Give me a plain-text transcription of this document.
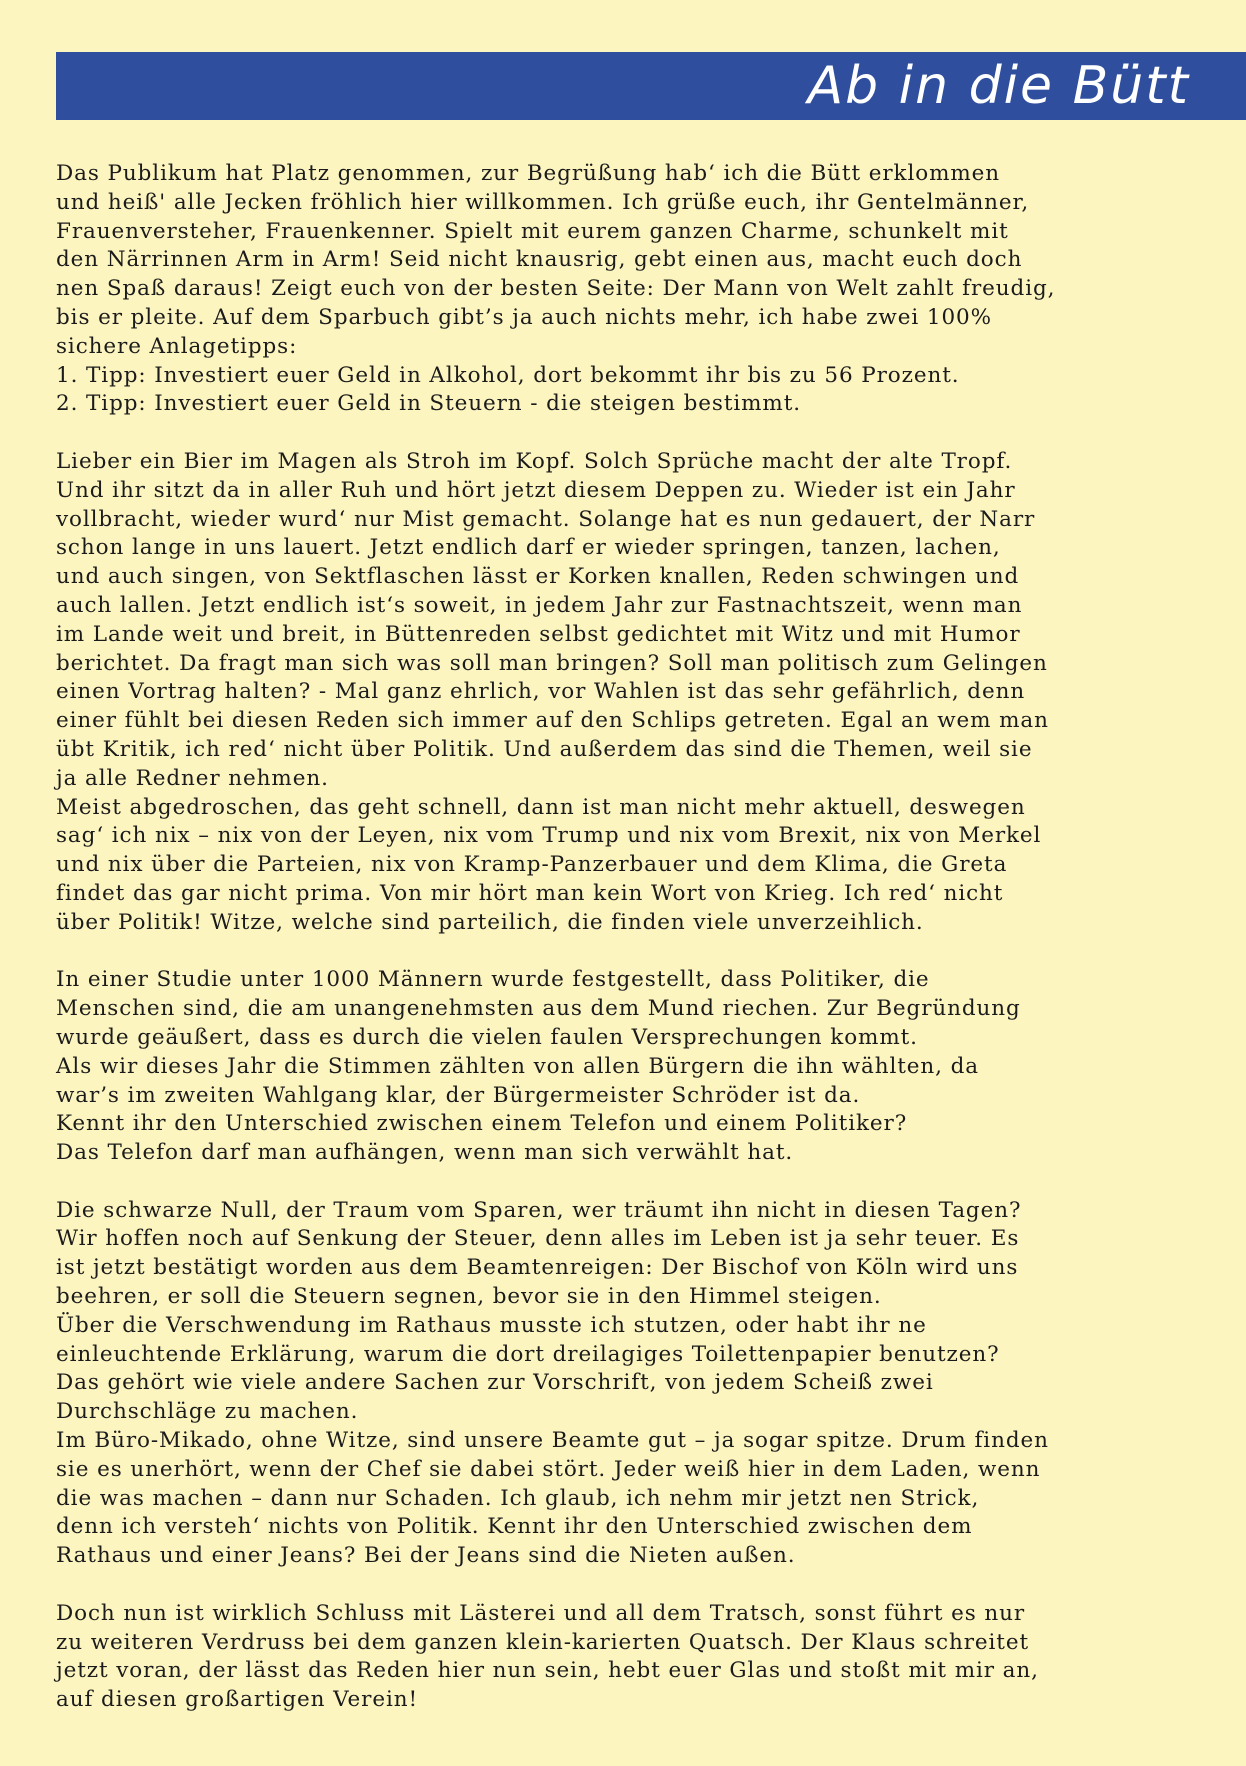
Ab in die Bütt

Das Publikum hat Platz genommen, zur Begrüßung hab‘ ich die Bütt erklommen
und heiß' alle Jecken fröhlich hier willkommen. Ich grüße euch, ihr Gentelmänner,
Frauenversteher, Frauenkenner. Spielt mit eurem ganzen Charme, schunkelt mit
den Närrinnen Arm in Arm! Seid nicht knausrig, gebt einen aus, macht euch doch
nen Spaß daraus! Zeigt euch von der besten Seite: Der Mann von Welt zahlt freudig,
bis er pleite. Auf dem Sparbuch gibt’s ja auch nichts mehr, ich habe zwei 100%
sichere Anlagetipps:
1. Tipp: Investiert euer Geld in Alkohol, dort bekommt ihr bis zu 56 Prozent.
2. Tipp: Investiert euer Geld in Steuern - die steigen bestimmt.

Lieber ein Bier im Magen als Stroh im Kopf. Solch Sprüche macht der alte Tropf.
Und ihr sitzt da in aller Ruh und hört jetzt diesem Deppen zu. Wieder ist ein Jahr
vollbracht, wieder wurd‘ nur Mist gemacht. Solange hat es nun gedauert, der Narr
schon lange in uns lauert. Jetzt endlich darf er wieder springen, tanzen, lachen,
und auch singen, von Sektflaschen lässt er Korken knallen, Reden schwingen und
auch lallen. Jetzt endlich ist‘s soweit, in jedem Jahr zur Fastnachtszeit, wenn man
im Lande weit und breit, in Büttenreden selbst gedichtet mit Witz und mit Humor
berichtet. Da fragt man sich was soll man bringen? Soll man politisch zum Gelingen
einen Vortrag halten? - Mal ganz ehrlich, vor Wahlen ist das sehr gefährlich, denn
einer fühlt bei diesen Reden sich immer auf den Schlips getreten. Egal an wem man
übt Kritik, ich red‘ nicht über Politik. Und außerdem das sind die Themen, weil sie
ja alle Redner nehmen.
Meist abgedroschen, das geht schnell, dann ist man nicht mehr aktuell, deswegen
sag‘ ich nix – nix von der Leyen, nix vom Trump und nix vom Brexit, nix von Merkel
und nix über die Parteien, nix von Kramp-Panzerbauer und dem Klima, die Greta
findet das gar nicht prima. Von mir hört man kein Wort von Krieg. Ich red‘ nicht
über Politik! Witze, welche sind parteilich, die finden viele unverzeihlich.

In einer Studie unter 1000 Männern wurde festgestellt, dass Politiker, die
Menschen sind, die am unangenehmsten aus dem Mund riechen. Zur Begründung
wurde geäußert, dass es durch die vielen faulen Versprechungen kommt.
Als wir dieses Jahr die Stimmen zählten von allen Bürgern die ihn wählten, da
war’s im zweiten Wahlgang klar, der Bürgermeister Schröder ist da.
Kennt ihr den Unterschied zwischen einem Telefon und einem Politiker?
Das Telefon darf man aufhängen, wenn man sich verwählt hat.

Die schwarze Null, der Traum vom Sparen, wer träumt ihn nicht in diesen Tagen?
Wir hoffen noch auf Senkung der Steuer, denn alles im Leben ist ja sehr teuer. Es
ist jetzt bestätigt worden aus dem Beamtenreigen: Der Bischof von Köln wird uns
beehren, er soll die Steuern segnen, bevor sie in den Himmel steigen.
Über die Verschwendung im Rathaus musste ich stutzen, oder habt ihr ne
einleuchtende Erklärung, warum die dort dreilagiges Toilettenpapier benutzen?
Das gehört wie viele andere Sachen zur Vorschrift, von jedem Scheiß zwei
Durchschläge zu machen.
Im Büro-Mikado, ohne Witze, sind unsere Beamte gut – ja sogar spitze. Drum finden
sie es unerhört, wenn der Chef sie dabei stört. Jeder weiß hier in dem Laden, wenn
die was machen – dann nur Schaden. Ich glaub, ich nehm mir jetzt nen Strick,
denn ich versteh‘ nichts von Politik. Kennt ihr den Unterschied zwischen dem
Rathaus und einer Jeans? Bei der Jeans sind die Nieten außen.

Doch nun ist wirklich Schluss mit Lästerei und all dem Tratsch, sonst führt es nur
zu weiteren Verdruss bei dem ganzen klein-karierten Quatsch. Der Klaus schreitet
jetzt voran, der lässt das Reden hier nun sein, hebt euer Glas und stoßt mit mir an,
auf diesen großartigen Verein!
